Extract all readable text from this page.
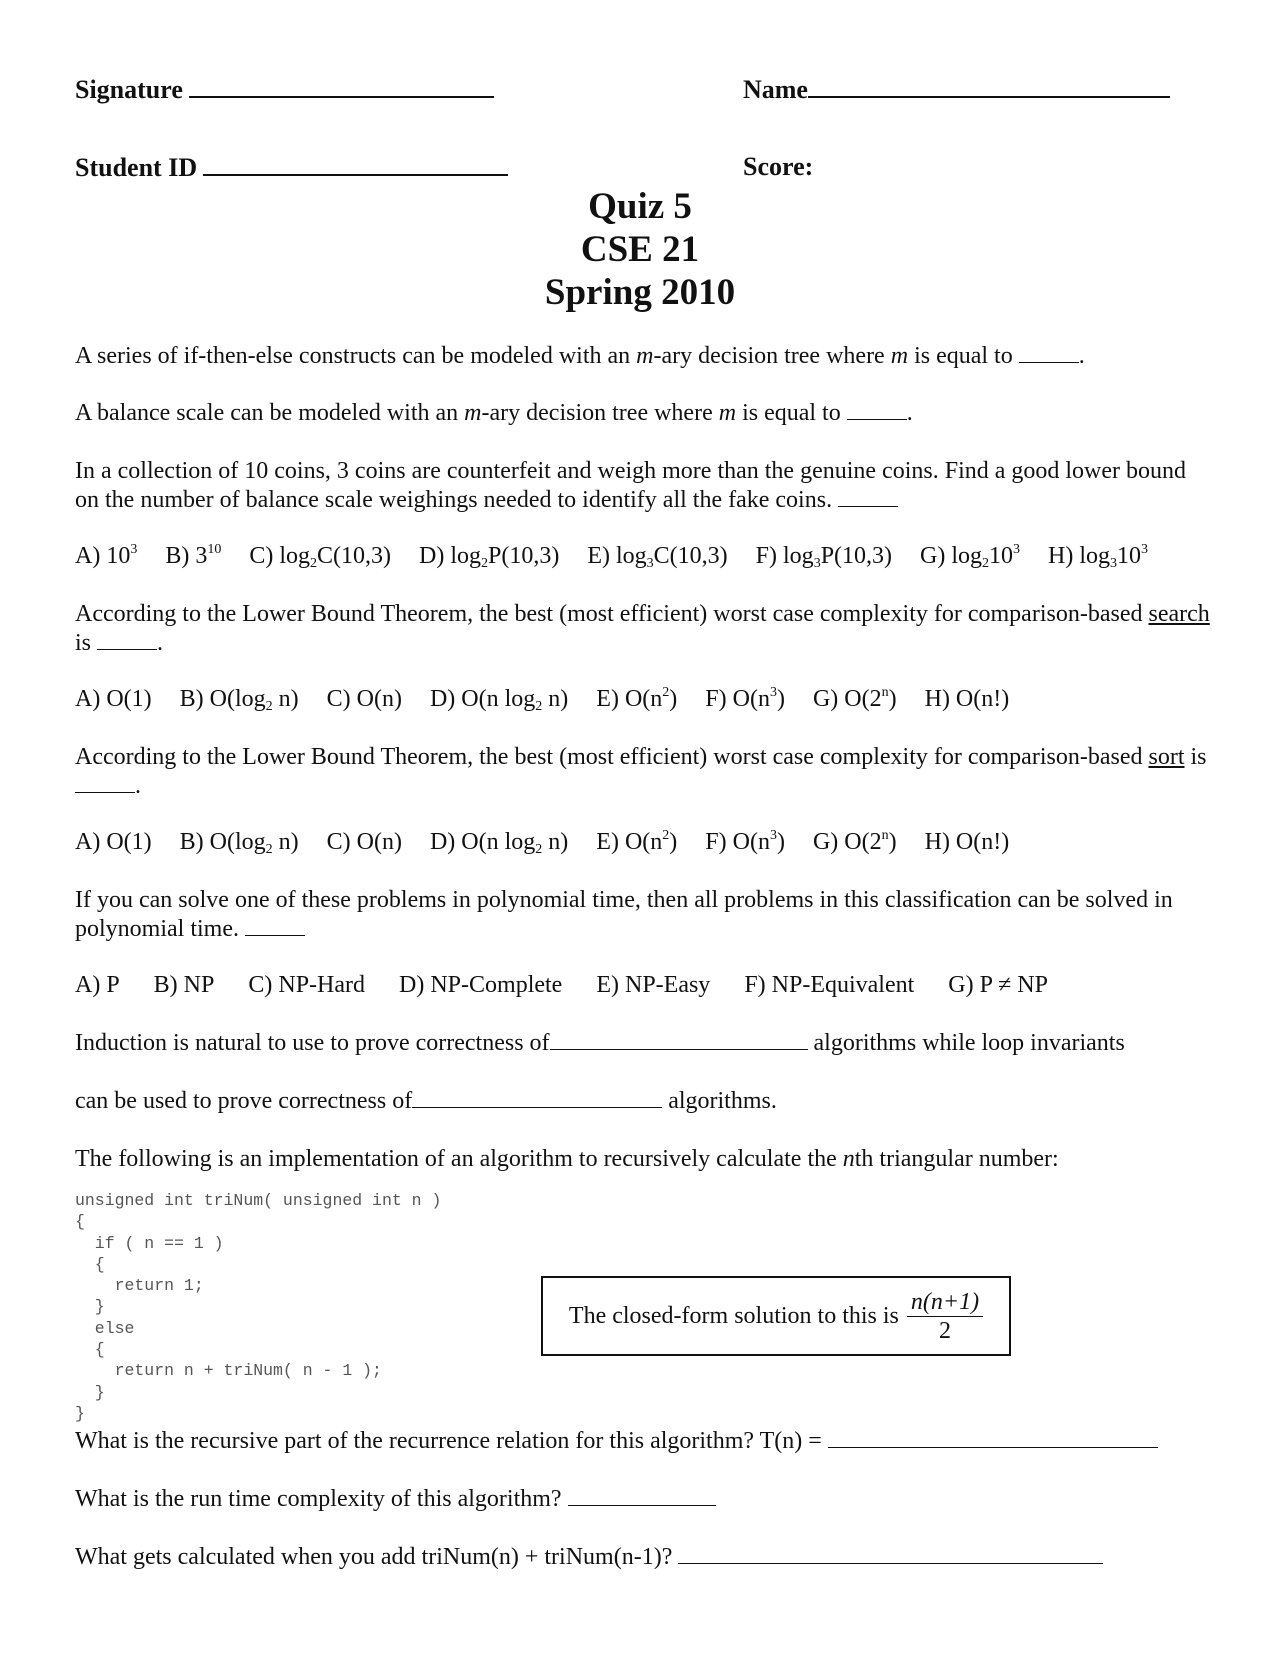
Signature	Name
Student ID	Score:
Quiz 5
CSE 21
Spring 2010
A series of if-then-else constructs can be modeled with an m-ary decision tree where m is equal to	.
A balance scale can be modeled with an m-ary decision tree where m is equal to	.
In a collection of 10 coins, 3 coins are counterfeit and weigh more than the genuine coins. Find a good lower bound on the number of balance scale weighings needed to identify all the fake coins.
A) $10^3$ B) $3^{10}$ C) $\log_2C(10,3)$ D) $\log_2P(10,3)$ E) $\log_3C(10,3)$ F) $\log_3P(10,3)$ G) $\log_210^3$ H) $\log_310^3$
According to the Lower Bound Theorem, the best (most efficient) worst case complexity for comparison-based search is	.
A) O(1) B) $O(\log_2$ n) C) O(n) D) O(n $\log_2 n$) E) $O(n^2)$ F) $O(n^3)$ G) O(2$^n$) H) O(n!)
According to the Lower Bound Theorem, the best (most efficient) worst case complexity for comparison-based sort is .
A) O(1) B) $O(\log_2$ n) C) O(n) D) O(n $\log_2 n$) E) $O(n^2)$ F) $O(n^3)$ G) O(2$^n$) H) O(n!)
If you can solve one of these problems in polynomial time, then all problems in this classification can be solved in polynomial time.
A) P B) NP C) NP-Hard D) NP-Complete E) NP-Easy F) NP-Equivalent G) P ≠ NP
Induction is natural to use to prove correctness of	algorithms while loop invariants
can be used to prove correctness of	algorithms.
The following is an implementation of an algorithm to recursively calculate the nth triangular number:
unsigned int triNum( unsigned int n )
{
if ( n == 1 )
{
return 1;
}
else
{
return n + triNum( n - 1 );
}
}
The closed-form solution to this is $\frac{n(n+1)}{2}$
What is the recursive part of the recurrence relation for this algorithm? T(n) =
What is the run time complexity of this algorithm?
What gets calculated when you add triNum(n) + triNum(n-1)?
